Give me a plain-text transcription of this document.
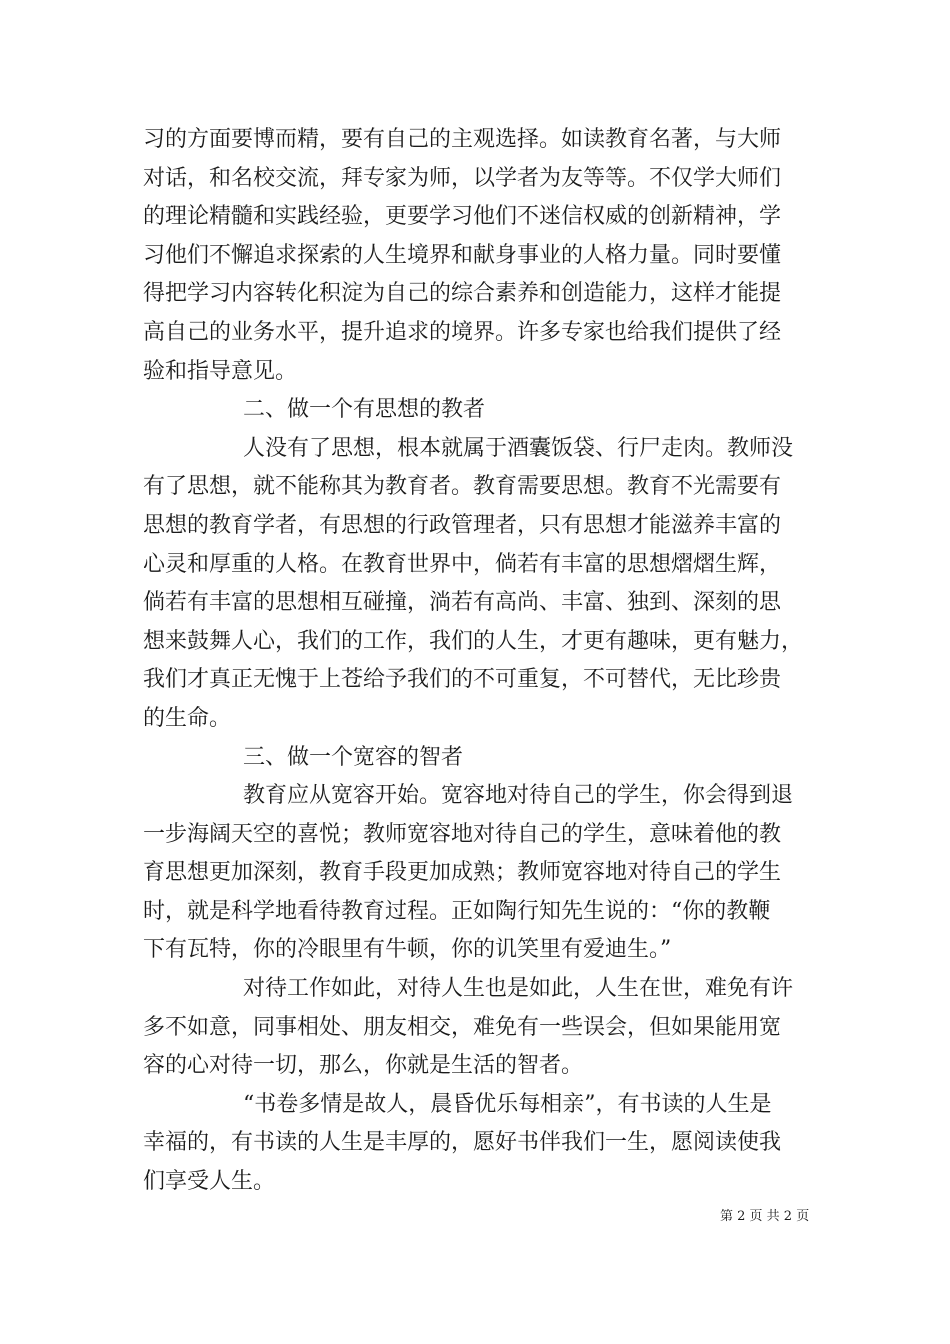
习的方面要博而精，要有自己的主观选择。如读教育名著，与大师
对话，和名校交流，拜专家为师，以学者为友等等。不仅学大师们
的理论精髓和实践经验，更要学习他们不迷信权威的创新精神，学
习他们不懈追求探索的人生境界和献身事业的人格力量。同时要懂
得把学习内容转化积淀为自己的综合素养和创造能力，这样才能提
高自己的业务水平，提升追求的境界。许多专家也给我们提供了经
验和指导意见。
二、做一个有思想的教者
人没有了思想，根本就属于酒囊饭袋、行尸走肉。教师没
有了思想，就不能称其为教育者。教育需要思想。教育不光需要有
思想的教育学者，有思想的行政管理者，只有思想才能滋养丰富的
心灵和厚重的人格。在教育世界中，倘若有丰富的思想熠熠生辉，
倘若有丰富的思想相互碰撞，淌若有高尚、丰富、独到、深刻的思
想来鼓舞人心，我们的工作，我们的人生，才更有趣味，更有魅力，
我们才真正无愧于上苍给予我们的不可重复，不可替代，无比珍贵
的生命。
三、做一个宽容的智者
教育应从宽容开始。宽容地对待自己的学生，你会得到退
一步海阔天空的喜悦；教师宽容地对待自己的学生，意味着他的教
育思想更加深刻，教育手段更加成熟；教师宽容地对待自己的学生
时，就是科学地看待教育过程。正如陶行知先生说的：“你的教鞭
下有瓦特，你的冷眼里有牛顿，你的讥笑里有爱迪生。”
对待工作如此，对待人生也是如此，人生在世，难免有许
多不如意，同事相处、朋友相交，难免有一些误会，但如果能用宽
容的心对待一切，那么，你就是生活的智者。
“书卷多情是故人，晨昏优乐每相亲”，有书读的人生是
幸福的，有书读的人生是丰厚的，愿好书伴我们一生，愿阅读使我
们享受人生。
第 2 页 共 2 页
